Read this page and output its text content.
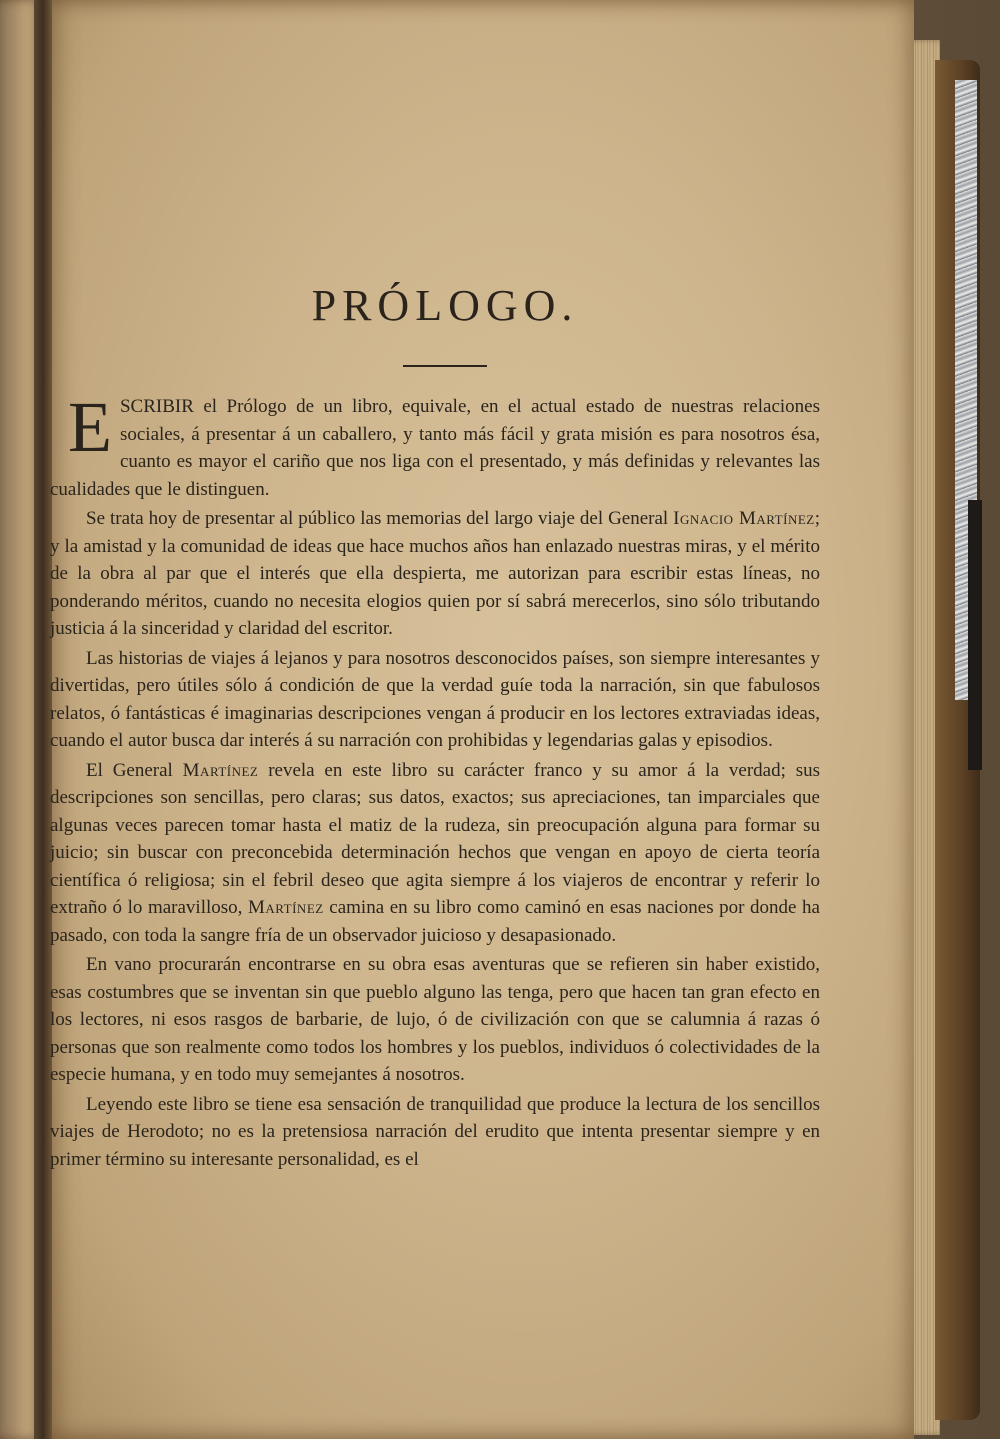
PRÓLOGO.

ESCRIBIR el Prólogo de un libro, equivale, en el actual estado de nuestras relaciones sociales, á presentar á un caballero, y tanto más fácil y grata misión es para nosotros ésa, cuanto es mayor el cariño que nos liga con el presentado, y más definidas y relevantes las cualidades que le distinguen.

Se trata hoy de presentar al público las memorias del largo viaje del General Ignacio Martínez; y la amistad y la comunidad de ideas que hace muchos años han enlazado nuestras miras, y el mérito de la obra al par que el interés que ella despierta, me autorizan para escribir estas líneas, no ponderando méritos, cuando no necesita elogios quien por sí sabrá merecerlos, sino sólo tributando justicia á la sinceridad y claridad del escritor.

Las historias de viajes á lejanos y para nosotros desconocidos países, son siempre interesantes y divertidas, pero útiles sólo á condición de que la verdad guíe toda la narración, sin que fabulosos relatos, ó fantásticas é imaginarias descripciones vengan á producir en los lectores extraviadas ideas, cuando el autor busca dar interés á su narración con prohibidas y legendarias galas y episodios.

El General Martínez revela en este libro su carácter franco y su amor á la verdad; sus descripciones son sencillas, pero claras; sus datos, exactos; sus apreciaciones, tan imparciales que algunas veces parecen tomar hasta el matiz de la rudeza, sin preocupación alguna para formar su juicio; sin buscar con preconcebida determinación hechos que vengan en apoyo de cierta teoría científica ó religiosa; sin el febril deseo que agita siempre á los viajeros de encontrar y referir lo extraño ó lo maravilloso, Martínez camina en su libro como caminó en esas naciones por donde ha pasado, con toda la sangre fría de un observador juicioso y desapasionado.

En vano procurarán encontrarse en su obra esas aventuras que se refieren sin haber existido, esas costumbres que se inventan sin que pueblo alguno las tenga, pero que hacen tan gran efecto en los lectores, ni esos rasgos de barbarie, de lujo, ó de civilización con que se calumnia á razas ó personas que son realmente como todos los hombres y los pueblos, individuos ó colectividades de la especie humana, y en todo muy semejantes á nosotros.

Leyendo este libro se tiene esa sensación de tranquilidad que produce la lectura de los sencillos viajes de Herodoto; no es la pretensiosa narración del erudito que intenta presentar siempre y en primer término su interesante personalidad, es el
